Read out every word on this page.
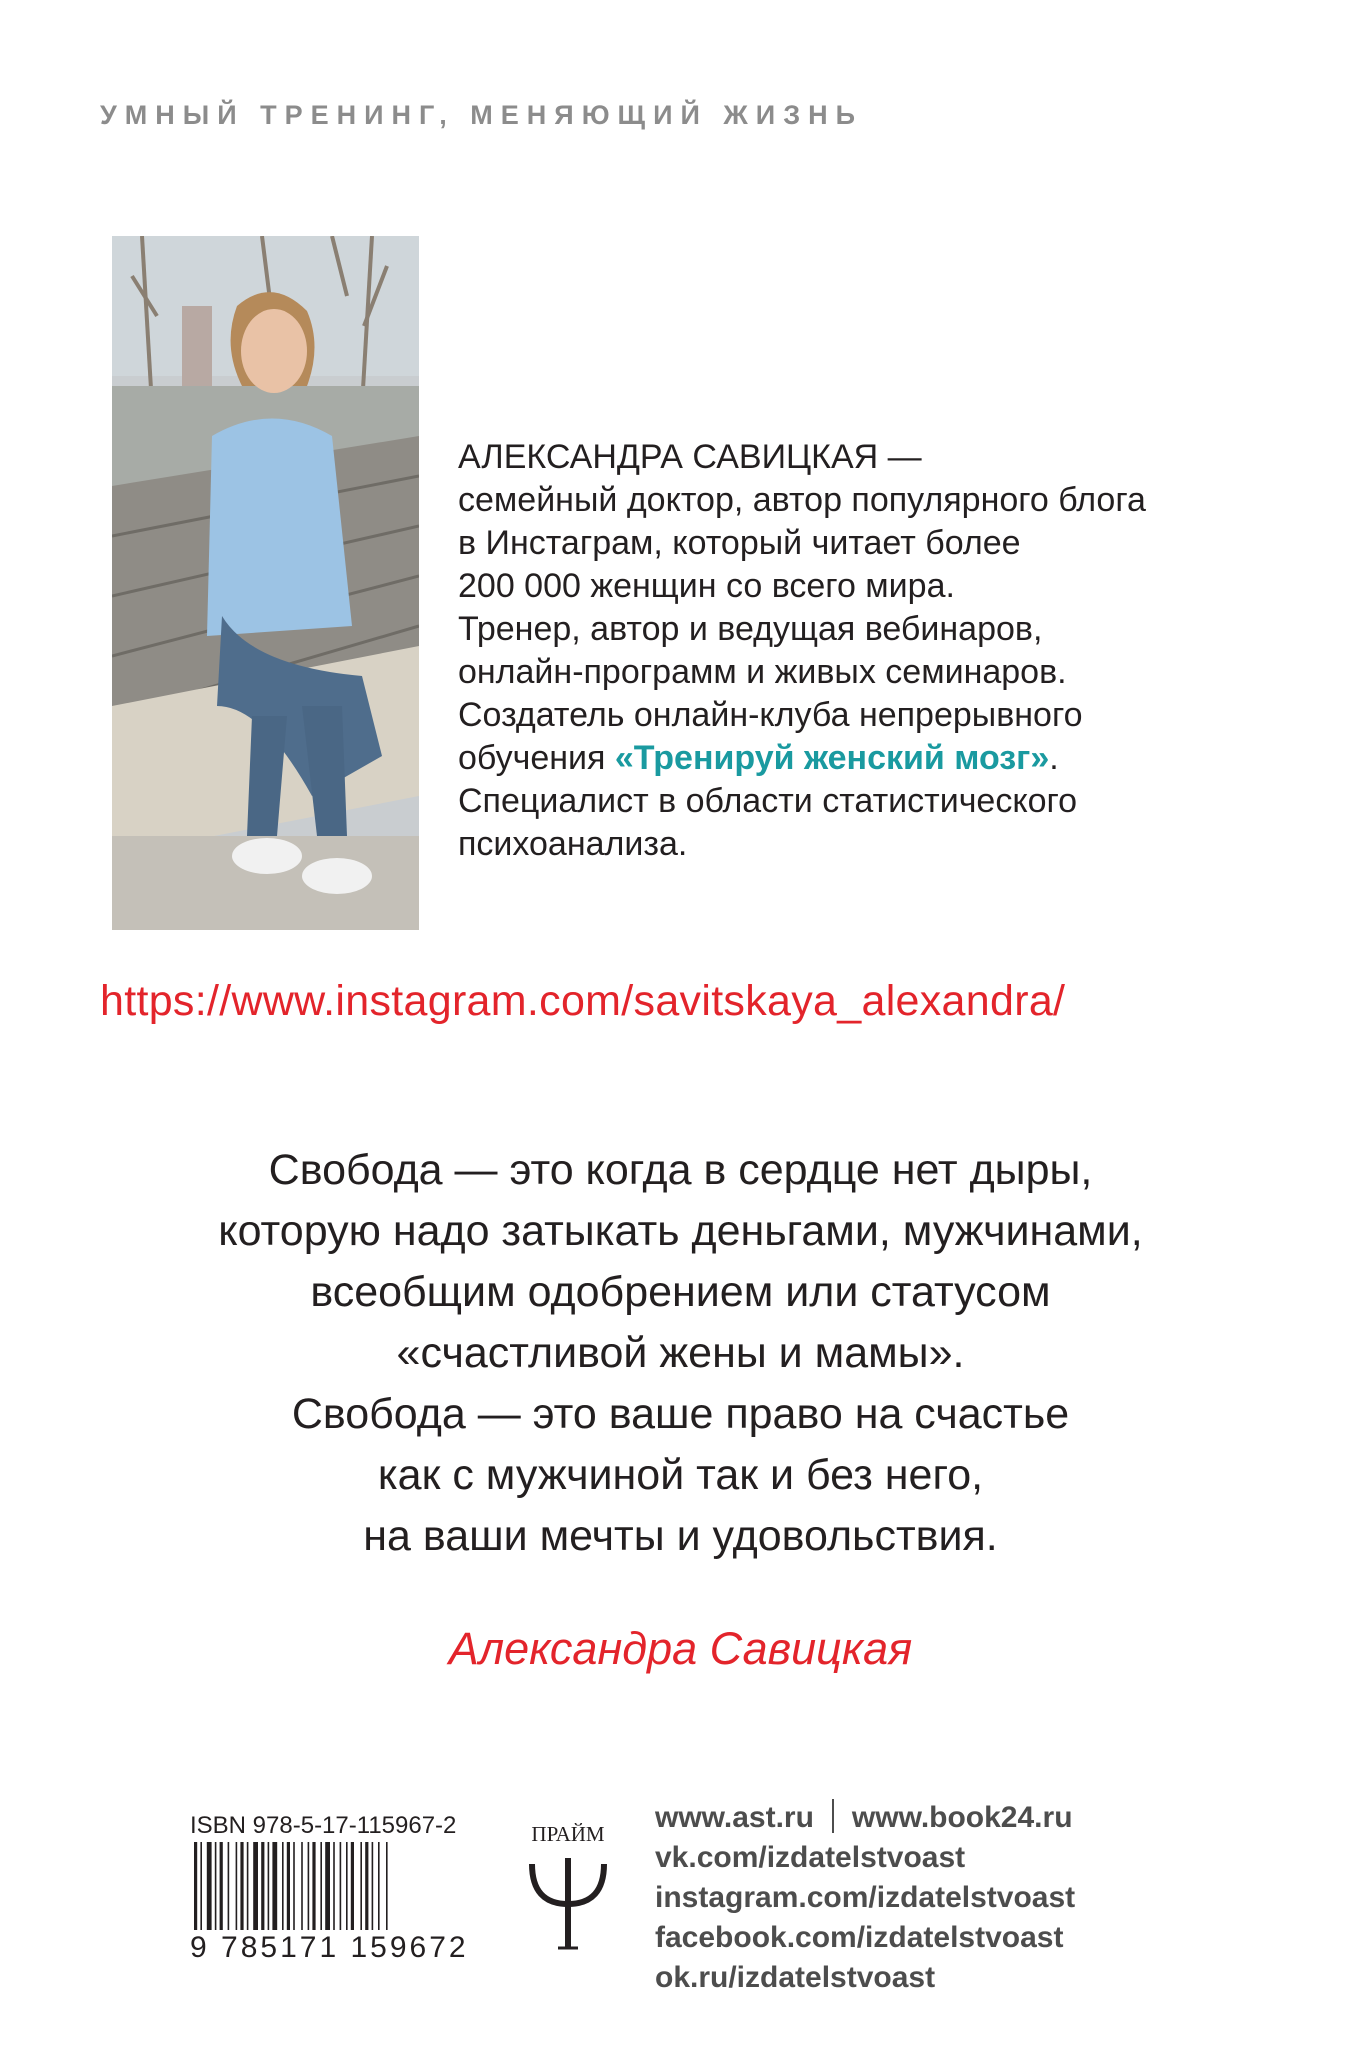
УМНЫЙ ТРЕНИНГ, МЕНЯЮЩИЙ ЖИЗНЬ
АЛЕКСАНДРА САВИЦКАЯ —
семейный доктор, автор популярного блога
в Инстаграм, который читает более
200 000 женщин со всего мира.
Тренер, автор и ведущая вебинаров,
онлайн-программ и живых семинаров.
Создатель онлайн-клуба непрерывного
обучения «Тренируй женский мозг».
Специалист в области статистического
психоанализа.
https://www.instagram.com/savitskaya_alexandra/
Свобода — это когда в сердце нет дыры,
которую надо затыкать деньгами, мужчинами,
всеобщим одобрением или статусом
«счастливой жены и мамы».
Свобода — это ваше право на счастье
как с мужчиной так и без него,
на ваши мечты и удовольствия.
Александра Савицкая
ISBN 978-5-17-115967-2
9 785171 159672
ПРАЙМ	www.ast.ru www.book24.ru
vk.com/izdatelstvoast
instagram.com/izdatelstvoast
facebook.com/izdatelstvoast
ok.ru/izdatelstvoast
